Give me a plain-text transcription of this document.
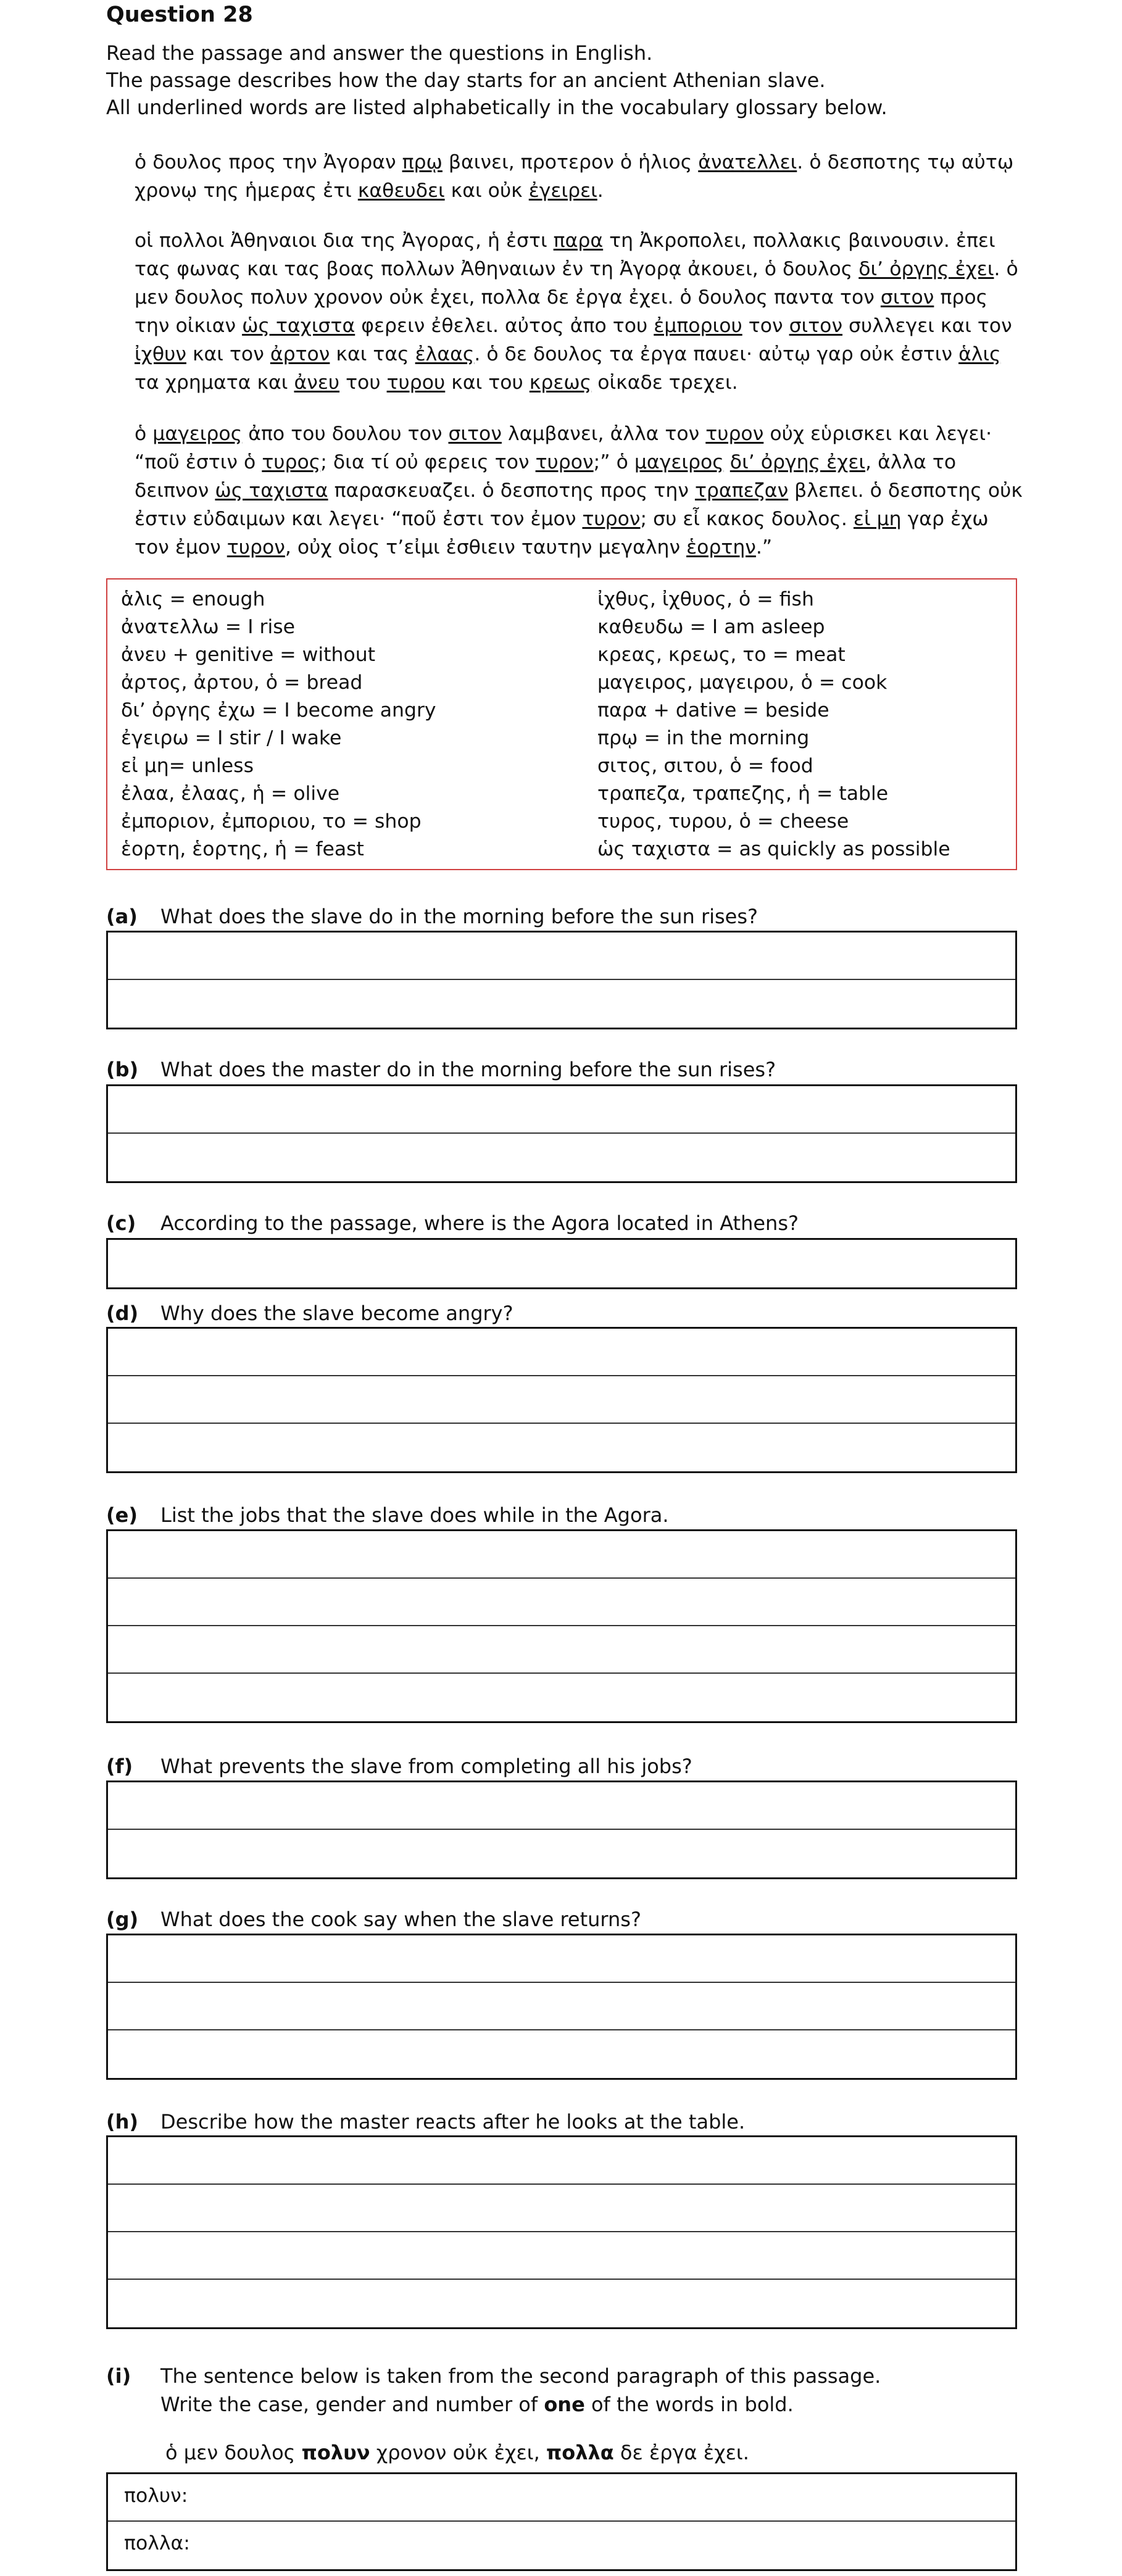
Question 28
Read the passage and answer the questions in English.
The passage describes how the day starts for an ancient Athenian slave.
All underlined words are listed alphabetically in the vocabulary glossary below.
ὁ δουλος προς την Ἀγοραν πρῳ βαινει, προτερον ὁ ἡλιος ἀνατελλει. ὁ δεσποτης τῳ αὐτῳ χρονῳ της ἡμερας ἐτι καθευδει και οὐκ ἐγειρει.
οἱ πολλοι Ἀθηναιοι δια της Ἀγορας, ἡ ἐστι παρα τη Ἀκροπολει, πολλακις βαινουσιν. ἐπει τας φωνας και τας βοας πολλων Ἀθηναιων ἐν τη Ἀγορᾳ ἀκουει, ὁ δουλος δι’ ὀργης ἐχει. ὁ μεν δουλος πολυν χρονον οὐκ ἐχει, πολλα δε ἐργα ἐχει. ὁ δουλος παντα τον σιτον προς την οἰκιαν ὡς ταχιστα φερειν ἐθελει. αὐτος ἀπο του ἐμποριου τον σιτον συλλεγει και τον ἰχθυν και τον ἀρτον και τας ἐλαας. ὁ δε δουλος τα ἐργα παυει· αὐτῳ γαρ οὐκ ἐστιν ἁλις τα χρηματα και ἀνευ του τυρου και του κρεως οἰκαδε τρεχει.
ὁ μαγειρος ἀπο του δουλου τον σιτον λαμβανει, ἀλλα τον τυρον οὐχ εὑρισκει και λεγει· “ποῦ ἐστιν ὁ τυρος; δια τί οὐ φερεις τον τυρον;” ὁ μαγειρος δι’ ὀργης ἐχει, ἀλλα το δειπνον ὡς ταχιστα παρασκευαζει. ὁ δεσποτης προς την τραπεζαν βλεπει. ὁ δεσποτης οὐκ ἐστιν εὐδαιμων και λεγει· “ποῦ ἐστι τον ἐμον τυρον; συ εἶ κακος δουλος. εἰ μη γαρ ἐχω τον ἐμον τυρον, οὐχ οἱος τ’εἰμι ἐσθιειν ταυτην μεγαλην ἑορτην.”
ἁλις = enough
ἀνατελλω = I rise
ἀνευ + genitive = without
ἀρτος, ἀρτου, ὁ = bread
δι’ ὀργης ἐχω = I become angry
ἐγειρω = I stir / I wake
εἰ μη= unless
ἐλαα, ἐλαας, ἡ = olive
ἐμποριον, ἐμποριου, το = shop
ἑορτη, ἑορτης, ἡ = feast
ἰχθυς, ἰχθυος, ὁ = fish
καθευδω = I am asleep
κρεας, κρεως, το = meat
μαγειρος, μαγειρου, ὁ = cook
παρα + dative = beside
πρῳ = in the morning
σιτος, σιτου, ὁ = food
τραπεζα, τραπεζης, ἡ = table
τυρος, τυρου, ὁ = cheese
ὡς ταχιστα = as quickly as possible
(a) What does the slave do in the morning before the sun rises?
(b) What does the master do in the morning before the sun rises?
(c) According to the passage, where is the Agora located in Athens?
(d) Why does the slave become angry?
(e) List the jobs that the slave does while in the Agora.
(f) What prevents the slave from completing all his jobs?
(g) What does the cook say when the slave returns?
(h) Describe how the master reacts after he looks at the table.
(i) The sentence below is taken from the second paragraph of this passage.
Write the case, gender and number of one of the words in bold.
ὁ μεν δουλος πολυν χρονον οὐκ ἐχει, πολλα δε ἐργα ἐχει.
πολυν:
πολλα:
